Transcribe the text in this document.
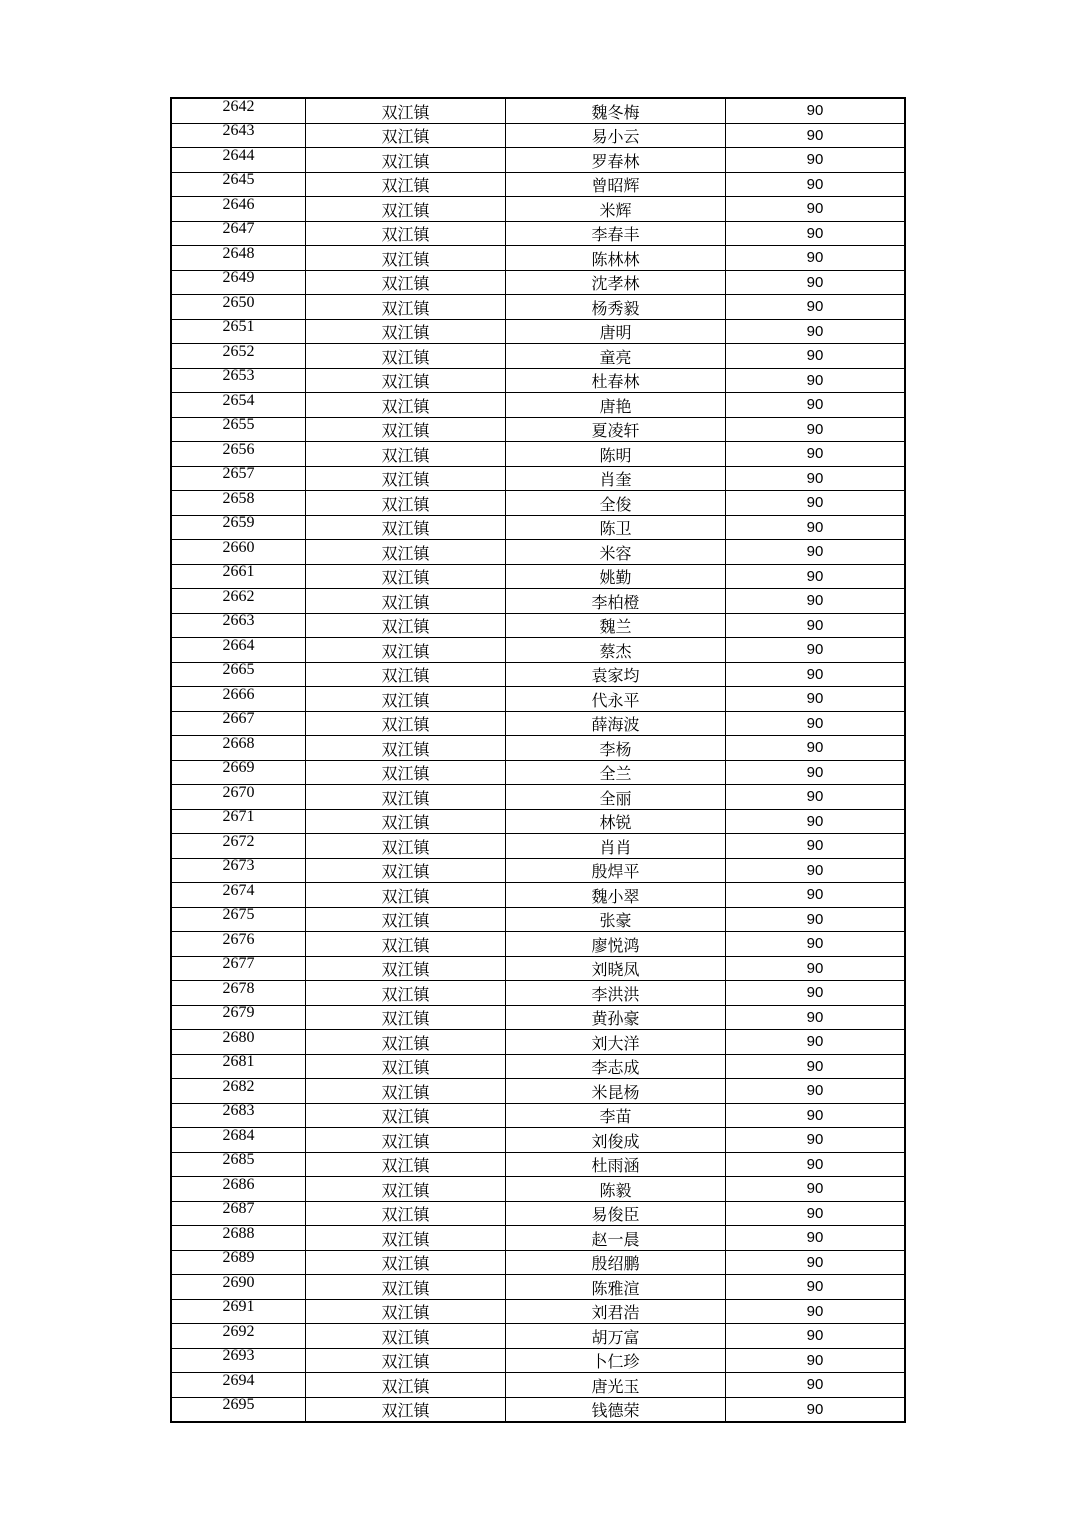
2642	双江镇	魏冬梅	90
2643	双江镇	易小云	90
2644	双江镇	罗春林	90
2645	双江镇	曾昭辉	90
2646	双江镇	米辉	90
2647	双江镇	李春丰	90
2648	双江镇	陈林林	90
2649	双江镇	沈孝林	90
2650	双江镇	杨秀毅	90
2651	双江镇	唐明	90
2652	双江镇	童亮	90
2653	双江镇	杜春林	90
2654	双江镇	唐艳	90
2655	双江镇	夏凌轩	90
2656	双江镇	陈明	90
2657	双江镇	肖奎	90
2658	双江镇	全俊	90
2659	双江镇	陈卫	90
2660	双江镇	米容	90
2661	双江镇	姚勤	90
2662	双江镇	李柏橙	90
2663	双江镇	魏兰	90
2664	双江镇	蔡杰	90
2665	双江镇	袁家均	90
2666	双江镇	代永平	90
2667	双江镇	薛海波	90
2668	双江镇	李杨	90
2669	双江镇	全兰	90
2670	双江镇	全丽	90
2671	双江镇	林锐	90
2672	双江镇	肖肖	90
2673	双江镇	殷焊平	90
2674	双江镇	魏小翠	90
2675	双江镇	张豪	90
2676	双江镇	廖悦鸿	90
2677	双江镇	刘晓凤	90
2678	双江镇	李洪洪	90
2679	双江镇	黄孙豪	90
2680	双江镇	刘大洋	90
2681	双江镇	李志成	90
2682	双江镇	米昆杨	90
2683	双江镇	李苗	90
2684	双江镇	刘俊成	90
2685	双江镇	杜雨涵	90
2686	双江镇	陈毅	90
2687	双江镇	易俊臣	90
2688	双江镇	赵一晨	90
2689	双江镇	殷绍鹏	90
2690	双江镇	陈雅渲	90
2691	双江镇	刘君浩	90
2692	双江镇	胡万富	90
2693	双江镇	卜仁珍	90
2694	双江镇	唐光玉	90
2695	双江镇	钱德荣	90
